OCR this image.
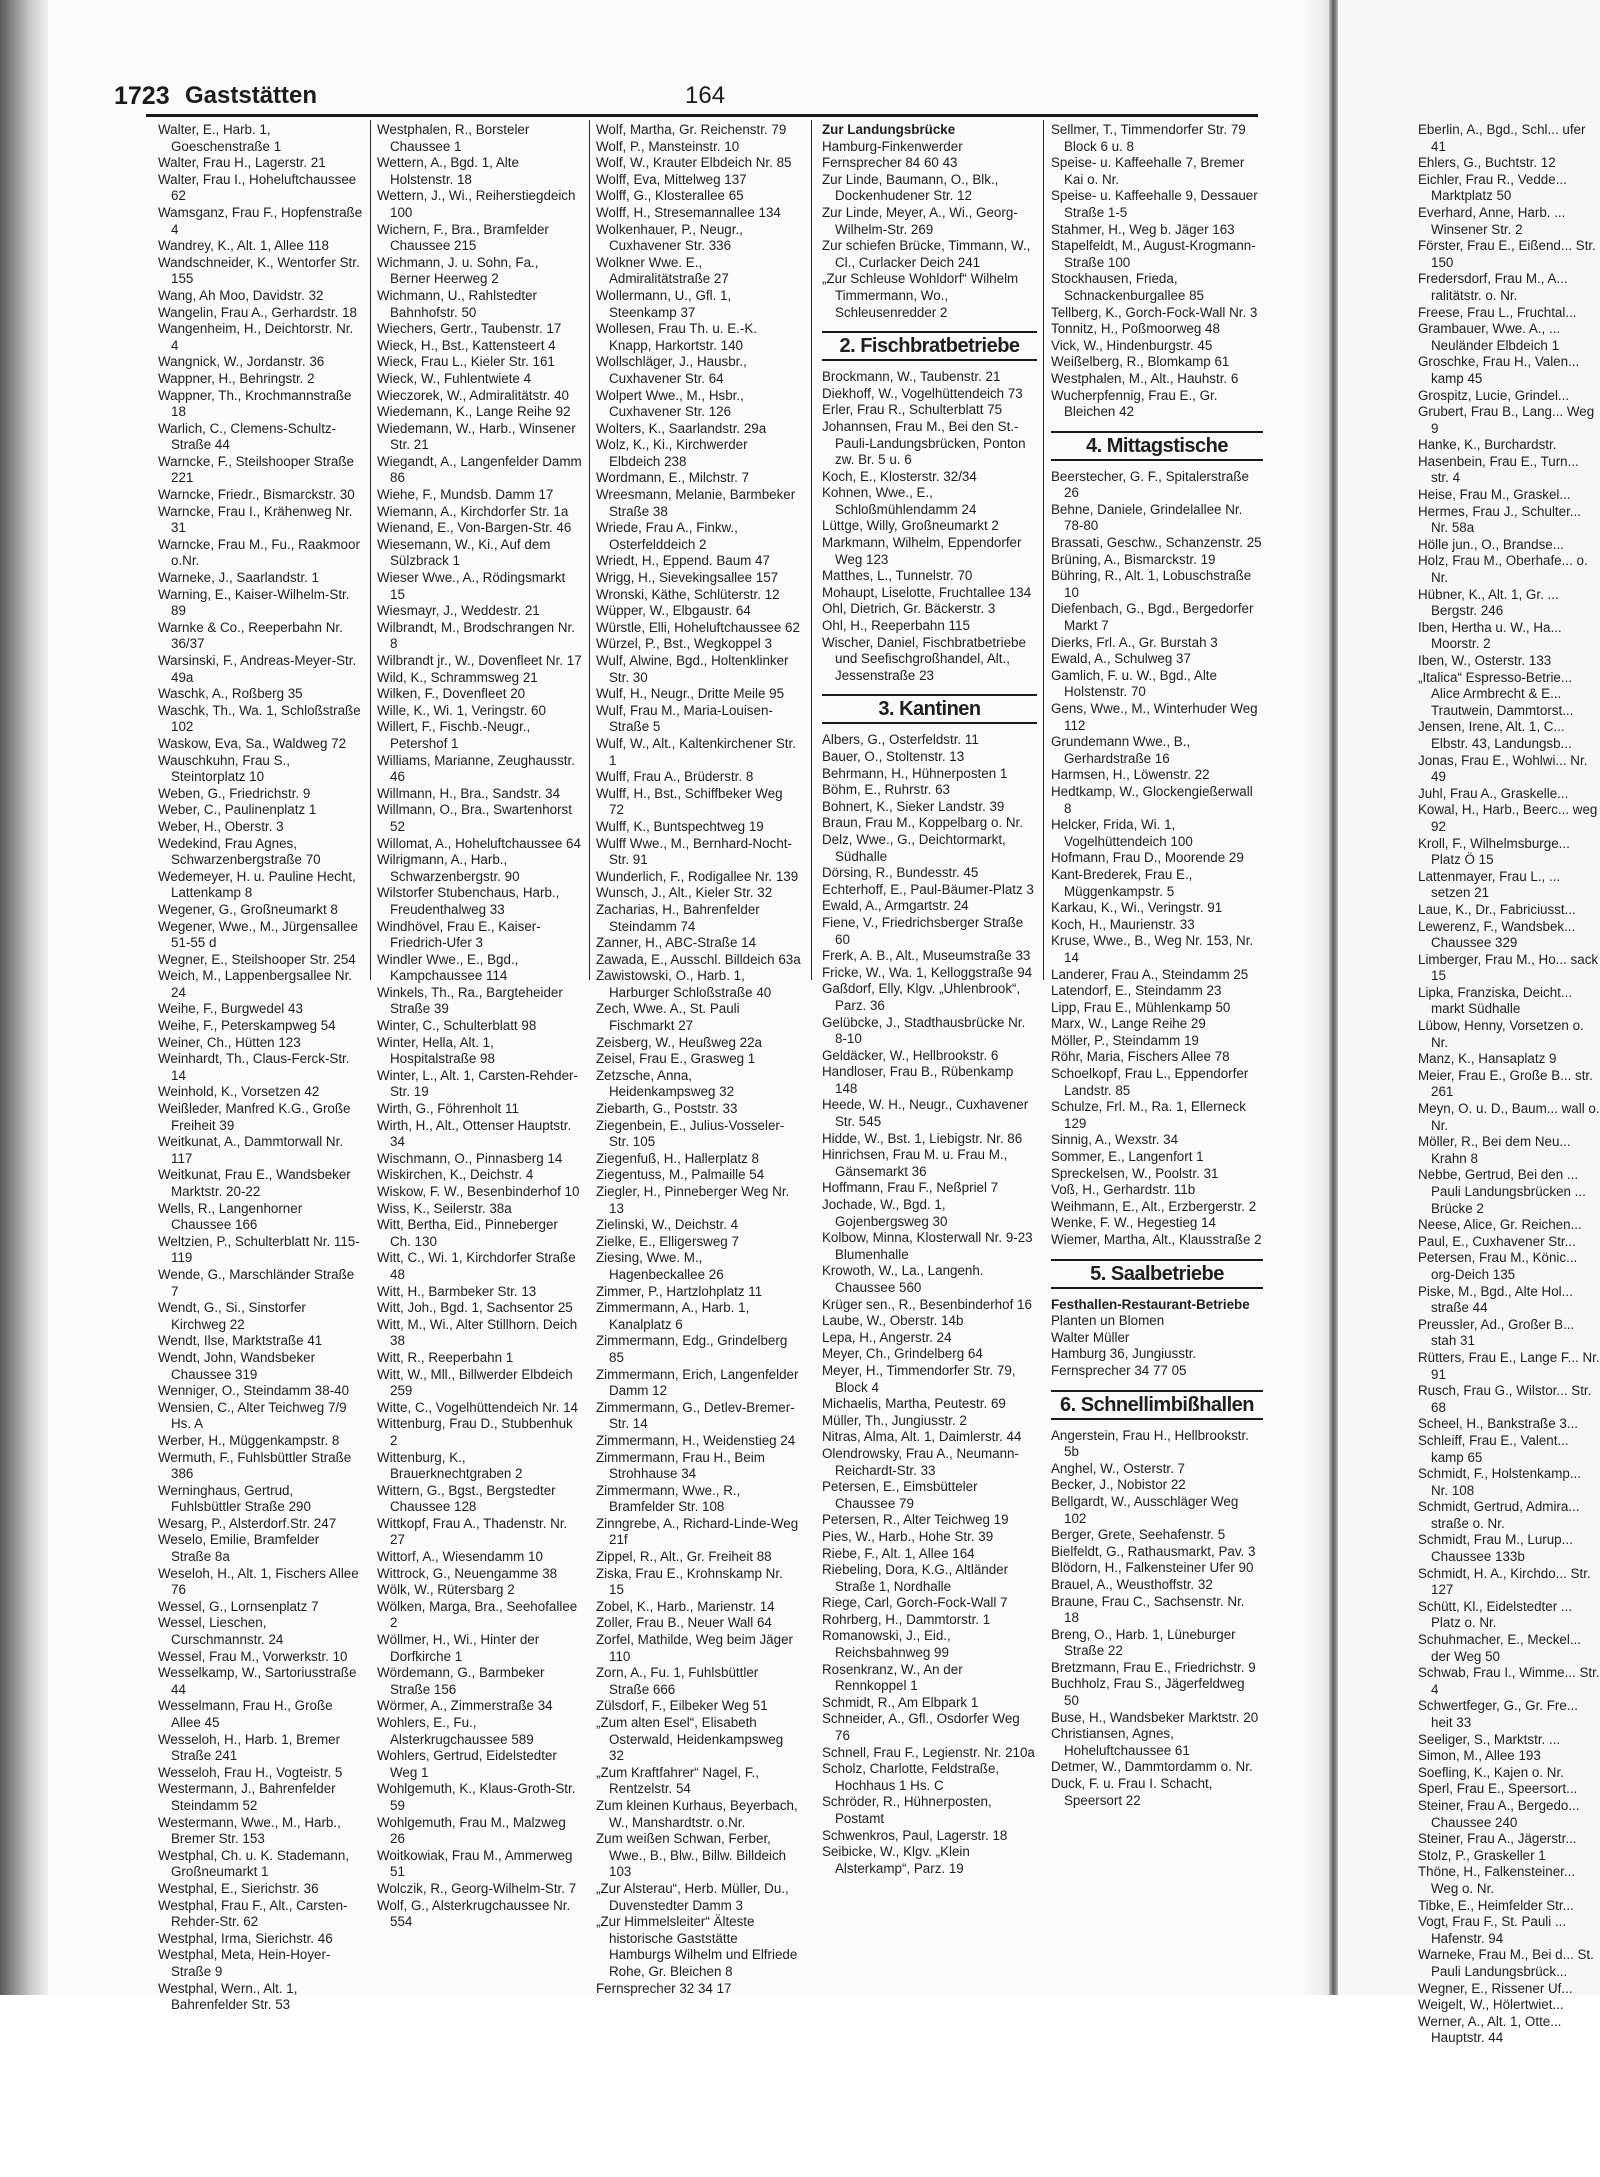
1723 Gaststätten	164
Walter, E., Harb. 1, Goeschenstraße 1
Walter, Frau H., Lagerstr. 21
Walter, Frau I., Hoheluftchaussee 62
Wamsganz, Frau F., Hopfenstraße 4
Wandrey, K., Alt. 1, Allee 118
Wandschneider, K., Wentorfer Str. 155
Wang, Ah Moo, Davidstr. 32
Wangelin, Frau A., Gerhardstr. 18
Wangenheim, H., Deichtorstr. Nr. 4
Wangnick, W., Jordanstr. 36
Wappner, H., Behringstr. 2
Wappner, Th., Krochmannstraße 18
Warlich, C., Clemens-Schultz-Straße 44
Warncke, F., Steilshooper Straße 221
Warncke, Friedr., Bismarckstr. 30
Warncke, Frau I., Krähenweg Nr. 31
Warncke, Frau M., Fu., Raakmoor o.Nr.
Warneke, J., Saarlandstr. 1
Warning, E., Kaiser-Wilhelm-Str. 89
Warnke & Co., Reeperbahn Nr. 36/37
Warsinski, F., Andreas-Meyer-Str. 49a
Waschk, A., Roßberg 35
Waschk, Th., Wa. 1, Schloßstraße 102
Waskow, Eva, Sa., Waldweg 72
Wauschkuhn, Frau S., Steintorplatz 10
Weben, G., Friedrichstr. 9
Weber, C., Paulinenplatz 1
Weber, H., Oberstr. 3
Wedekind, Frau Agnes, Schwarzenbergstraße 70
Wedemeyer, H. u. Pauline Hecht, Lattenkamp 8
Wegener, G., Großneumarkt 8
Wegener, Wwe., M., Jürgensallee 51-55 d
Wegner, E., Steilshooper Str. 254
Weich, M., Lappenbergsallee Nr. 24
Weihe, F., Burgwedel 43
Weihe, F., Peterskampweg 54
Weiner, Ch., Hütten 123
Weinhardt, Th., Claus-Ferck-Str. 14
Weinhold, K., Vorsetzen 42
Weißleder, Manfred K.G., Große Freiheit 39
Weitkunat, A., Dammtorwall Nr. 117
Weitkunat, Frau E., Wandsbeker Marktstr. 20-22
Wells, R., Langenhorner Chaussee 166
Weltzien, P., Schulterblatt Nr. 115-119
Wende, G., Marschländer Straße 7
Wendt, G., Si., Sinstorfer Kirchweg 22
Wendt, Ilse, Marktstraße 41
Wendt, John, Wandsbeker Chaussee 319
Wenniger, O., Steindamm 38-40
Wensien, C., Alter Teichweg 7/9 Hs. A
Werber, H., Müggenkampstr. 8
Wermuth, F., Fuhlsbüttler Straße 386
Werninghaus, Gertrud, Fuhlsbüttler Straße 290
Wesarg, P., Alsterdorf.Str. 247
Weselo, Emilie, Bramfelder Straße 8a
Weseloh, H., Alt. 1, Fischers Allee 76
Wessel, G., Lornsenplatz 7
Wessel, Lieschen, Curschmannstr. 24
Wessel, Frau M., Vorwerkstr. 10
Wesselkamp, W., Sartoriusstraße 44
Wesselmann, Frau H., Große Allee 45
Wesseloh, H., Harb. 1, Bremer Straße 241
Wesseloh, Frau H., Vogteistr. 5
Westermann, J., Bahrenfelder Steindamm 52
Westermann, Wwe., M., Harb., Bremer Str. 153
Westphal, Ch. u. K. Stademann, Großneumarkt 1
Westphal, E., Sierichstr. 36
Westphal, Frau F., Alt., Carsten-Rehder-Str. 62
Westphal, Irma, Sierichstr. 46
Westphal, Meta, Hein-Hoyer-Straße 9
Westphal, Wern., Alt. 1, Bahrenfelder Str. 53
Westphalen, R., Borsteler Chaussee 1
Wettern, A., Bgd. 1, Alte Holstenstr. 18
Wettern, J., Wi., Reiherstiegdeich 100
Wichern, F., Bra., Bramfelder Chaussee 215
Wichmann, J. u. Sohn, Fa., Berner Heerweg 2
Wichmann, U., Rahlstedter Bahnhofstr. 50
Wiechers, Gertr., Taubenstr. 17
Wieck, H., Bst., Kattensteert 4
Wieck, Frau L., Kieler Str. 161
Wieck, W., Fuhlentwiete 4
Wieczorek, W., Admiralitätstr. 40
Wiedemann, K., Lange Reihe 92
Wiedemann, W., Harb., Winsener Str. 21
Wiegandt, A., Langenfelder Damm 86
Wiehe, F., Mundsb. Damm 17
Wiemann, A., Kirchdorfer Str. 1a
Wienand, E., Von-Bargen-Str. 46
Wiesemann, W., Ki., Auf dem Sülzbrack 1
Wieser Wwe., A., Rödingsmarkt 15
Wiesmayr, J., Weddestr. 21
Wilbrandt, M., Brodschrangen Nr. 8
Wilbrandt jr., W., Dovenfleet Nr. 17
Wild, K., Schrammsweg 21
Wilken, F., Dovenfleet 20
Wille, K., Wi. 1, Veringstr. 60
Willert, F., Fischb.-Neugr., Petershof 1
Williams, Marianne, Zeughausstr. 46
Willmann, H., Bra., Sandstr. 34
Willmann, O., Bra., Swartenhorst 52
Willomat, A., Hoheluftchaussee 64
Wilrigmann, A., Harb., Schwarzenbergstr. 90
Wilstorfer Stubenchaus, Harb., Freudenthalweg 33
Windhövel, Frau E., Kaiser-Friedrich-Ufer 3
Windler Wwe., E., Bgd., Kampchaussee 114
Winkels, Th., Ra., Bargteheider Straße 39
Winter, C., Schulterblatt 98
Winter, Hella, Alt. 1, Hospitalstraße 98
Winter, L., Alt. 1, Carsten-Rehder-Str. 19
Wirth, G., Föhrenholt 11
Wirth, H., Alt., Ottenser Hauptstr. 34
Wischmann, O., Pinnasberg 14
Wiskirchen, K., Deichstr. 4
Wiskow, F. W., Besenbinderhof 10
Wiss, K., Seilerstr. 38a
Witt, Bertha, Eid., Pinneberger Ch. 130
Witt, C., Wi. 1, Kirchdorfer Straße 48
Witt, H., Barmbeker Str. 13
Witt, Joh., Bgd. 1, Sachsentor 25
Witt, M., Wi., Alter Stillhorn. Deich 38
Witt, R., Reeperbahn 1
Witt, W., Mll., Billwerder Elbdeich 259
Witte, C., Vogelhüttendeich Nr. 14
Wittenburg, Frau D., Stubbenhuk 2
Wittenburg, K., Brauerknechtgraben 2
Wittern, G., Bgst., Bergstedter Chaussee 128
Wittkopf, Frau A., Thadenstr. Nr. 27
Wittorf, A., Wiesendamm 10
Wittrock, G., Neuengamme 38
Wölk, W., Rütersbarg 2
Wölken, Marga, Bra., Seehofallee 2
Wöllmer, H., Wi., Hinter der Dorfkirche 1
Wördemann, G., Barmbeker Straße 156
Wörmer, A., Zimmerstraße 34
Wohlers, E., Fu., Alsterkrugchaussee 589
Wohlers, Gertrud, Eidelstedter Weg 1
Wohlgemuth, K., Klaus-Groth-Str. 59
Wohlgemuth, Frau M., Malzweg 26
Woitkowiak, Frau M., Ammerweg 51
Wolczik, R., Georg-Wilhelm-Str. 7
Wolf, G., Alsterkrugchaussee Nr. 554
Wolf, Martha, Gr. Reichenstr. 79
Wolf, P., Mansteinstr. 10
Wolf, W., Krauter Elbdeich Nr. 85
Wolff, Eva, Mittelweg 137
Wolff, G., Klosterallee 65
Wolff, H., Stresemannallee 134
Wolkenhauer, P., Neugr., Cuxhavener Str. 336
Wolkner Wwe. E., Admiralitätstraße 27
Wollermann, U., Gfl. 1, Steenkamp 37
Wollesen, Frau Th. u. E.-K. Knapp, Harkortstr. 140
Wollschläger, J., Hausbr., Cuxhavener Str. 64
Wolpert Wwe., M., Hsbr., Cuxhavener Str. 126
Wolters, K., Saarlandstr. 29a
Wolz, K., Ki., Kirchwerder Elbdeich 238
Wordmann, E., Milchstr. 7
Wreesmann, Melanie, Barmbeker Straße 38
Wriede, Frau A., Finkw., Osterfelddeich 2
Wriedt, H., Eppend. Baum 47
Wrigg, H., Sievekingsallee 157
Wronski, Käthe, Schlüterstr. 12
Wüpper, W., Elbgaustr. 64
Würstle, Elli, Hoheluftchaussee 62
Würzel, P., Bst., Wegkoppel 3
Wulf, Alwine, Bgd., Holtenklinker Str. 30
Wulf, H., Neugr., Dritte Meile 95
Wulf, Frau M., Maria-Louisen-Straße 5
Wulf, W., Alt., Kaltenkirchener Str. 1
Wulff, Frau A., Brüderstr. 8
Wulff, H., Bst., Schiffbeker Weg 72
Wulff, K., Buntspechtweg 19
Wulff Wwe., M., Bernhard-Nocht-Str. 91
Wunderlich, F., Rodigallee Nr. 139
Wunsch, J., Alt., Kieler Str. 32
Zacharias, H., Bahrenfelder Steindamm 74
Zanner, H., ABC-Straße 14
Zawada, E., Ausschl. Billdeich 63a
Zawistowski, O., Harb. 1, Harburger Schloßstraße 40
Zech, Wwe. A., St. Pauli Fischmarkt 27
Zeisberg, W., Heußweg 22a
Zeisel, Frau E., Grasweg 1
Zetzsche, Anna, Heidenkampsweg 32
Ziebarth, G., Poststr. 33
Ziegenbein, E., Julius-Vosseler-Str. 105
Ziegenfuß, H., Hallerplatz 8
Ziegentuss, M., Palmaille 54
Ziegler, H., Pinneberger Weg Nr. 13
Zielinski, W., Deichstr. 4
Zielke, E., Elligersweg 7
Ziesing, Wwe. M., Hagenbeckallee 26
Zimmer, P., Hartzlohplatz 11
Zimmermann, A., Harb. 1, Kanalplatz 6
Zimmermann, Edg., Grindelberg 85
Zimmermann, Erich, Langenfelder Damm 12
Zimmermann, G., Detlev-Bremer-Str. 14
Zimmermann, H., Weidenstieg 24
Zimmermann, Frau H., Beim Strohhause 34
Zimmermann, Wwe., R., Bramfelder Str. 108
Zinngrebe, A., Richard-Linde-Weg 21f
Zippel, R., Alt., Gr. Freiheit 88
Ziska, Frau E., Krohnskamp Nr. 15
Zobel, K., Harb., Marienstr. 14
Zoller, Frau B., Neuer Wall 64
Zorfel, Mathilde, Weg beim Jäger 110
Zorn, A., Fu. 1, Fuhlsbüttler Straße 666
Zülsdorf, F., Eilbeker Weg 51
„Zum alten Esel“, Elisabeth Osterwald, Heidenkampsweg 32
„Zum Kraftfahrer“ Nagel, F., Rentzelstr. 54
Zum kleinen Kurhaus, Beyerbach, W., Manshardtstr. o.Nr.
Zum weißen Schwan, Ferber, Wwe., B., Blw., Billw. Billdeich 103
„Zur Alsterau“, Herb. Müller, Du., Duvenstedter Damm 3
„Zur Himmelsleiter“ Älteste historische Gaststätte Hamburgs Wilhelm und Elfriede Rohe, Gr. Bleichen 8
Fernsprecher 32 34 17
Zur Landungsbrücke
Hamburg-Finkenwerder
Fernsprecher 84 60 43
Zur Linde, Baumann, O., Blk., Dockenhudener Str. 12
Zur Linde, Meyer, A., Wi., Georg-Wilhelm-Str. 269
Zur schiefen Brücke, Timmann, W., Cl., Curlacker Deich 241
„Zur Schleuse Wohldorf“ Wilhelm Timmermann, Wo., Schleusenredder 2
2. Fischbratbetriebe
Brockmann, W., Taubenstr. 21
Diekhoff, W., Vogelhüttendeich 73
Erler, Frau R., Schulterblatt 75
Johannsen, Frau M., Bei den St.-Pauli-Landungsbrücken, Ponton zw. Br. 5 u. 6
Koch, E., Klosterstr. 32/34
Kohnen, Wwe., E., Schloßmühlendamm 24
Lüttge, Willy, Großneumarkt 2
Markmann, Wilhelm, Eppendorfer Weg 123
Matthes, L., Tunnelstr. 70
Mohaupt, Liselotte, Fruchtallee 134
Ohl, Dietrich, Gr. Bäckerstr. 3
Ohl, H., Reeperbahn 115
Wischer, Daniel, Fischbratbetriebe und Seefischgroßhandel, Alt., Jessenstraße 23
3. Kantinen
Albers, G., Osterfeldstr. 11
Bauer, O., Stoltenstr. 13
Behrmann, H., Hühnerposten 1
Böhm, E., Ruhrstr. 63
Bohnert, K., Sieker Landstr. 39
Braun, Frau M., Koppelbarg o. Nr.
Delz, Wwe., G., Deichtormarkt, Südhalle
Dörsing, R., Bundesstr. 45
Echterhoff, E., Paul-Bäumer-Platz 3
Ewald, A., Armgartstr. 24
Fiene, V., Friedrichsberger Straße 60
Frerk, A. B., Alt., Museumstraße 33
Fricke, W., Wa. 1, Kelloggstraße 94
Gaßdorf, Elly, Klgv. „Uhlenbrook“, Parz. 36
Gelübcke, J., Stadthausbrücke Nr. 8-10
Geldäcker, W., Hellbrookstr. 6
Handloser, Frau B., Rübenkamp 148
Heede, W. H., Neugr., Cuxhavener Str. 545
Hidde, W., Bst. 1, Liebigstr. Nr. 86
Hinrichsen, Frau M. u. Frau M., Gänsemarkt 36
Hoffmann, Frau F., Neßpriel 7
Jochade, W., Bgd. 1, Gojenbergsweg 30
Kolbow, Minna, Klosterwall Nr. 9-23 Blumenhalle
Krowoth, W., La., Langenh. Chaussee 560
Krüger sen., R., Besenbinderhof 16
Laube, W., Oberstr. 14b
Lepa, H., Angerstr. 24
Meyer, Ch., Grindelberg 64
Meyer, H., Timmendorfer Str. 79, Block 4
Michaelis, Martha, Peutestr. 69
Müller, Th., Jungiusstr. 2
Nitras, Alma, Alt. 1, Daimlerstr. 44
Olendrowsky, Frau A., Neumann-Reichardt-Str. 33
Petersen, E., Eimsbütteler Chaussee 79
Petersen, R., Alter Teichweg 19
Pies, W., Harb., Hohe Str. 39
Riebe, F., Alt. 1, Allee 164
Riebeling, Dora, K.G., Altländer Straße 1, Nordhalle
Riege, Carl, Gorch-Fock-Wall 7
Rohrberg, H., Dammtorstr. 1
Romanowski, J., Eid., Reichsbahnweg 99
Rosenkranz, W., An der Rennkoppel 1
Schmidt, R., Am Elbpark 1
Schneider, A., Gfl., Osdorfer Weg 76
Schnell, Frau F., Legienstr. Nr. 210a
Scholz, Charlotte, Feldstraße, Hochhaus 1 Hs. C
Schröder, R., Hühnerposten, Postamt
Schwenkros, Paul, Lagerstr. 18
Seibicke, W., Klgv. „Klein Alsterkamp“, Parz. 19
Sellmer, T., Timmendorfer Str. 79 Block 6 u. 8
Speise- u. Kaffeehalle 7, Bremer Kai o. Nr.
Speise- u. Kaffeehalle 9, Dessauer Straße 1-5
Stahmer, H., Weg b. Jäger 163
Stapelfeldt, M., August-Krogmann-Straße 100
Stockhausen, Frieda, Schnackenburgallee 85
Tellberg, K., Gorch-Fock-Wall Nr. 3
Tonnitz, H., Poßmoorweg 48
Vick, W., Hindenburgstr. 45
Weißelberg, R., Blomkamp 61
Westphalen, M., Alt., Hauhstr. 6
Wucherpfennig, Frau E., Gr. Bleichen 42
4. Mittagstische
Beerstecher, G. F., Spitalerstraße 26
Behne, Daniele, Grindelallee Nr. 78-80
Brassati, Geschw., Schanzenstr. 25
Brüning, A., Bismarckstr. 19
Bühring, R., Alt. 1, Lobuschstraße 10
Diefenbach, G., Bgd., Bergedorfer Markt 7
Dierks, Frl. A., Gr. Burstah 3
Ewald, A., Schulweg 37
Gamlich, F. u. W., Bgd., Alte Holstenstr. 70
Gens, Wwe., M., Winterhuder Weg 112
Grundemann Wwe., B., Gerhardstraße 16
Harmsen, H., Löwenstr. 22
Hedtkamp, W., Glockengießerwall 8
Helcker, Frida, Wi. 1, Vogelhüttendeich 100
Hofmann, Frau D., Moorende 29
Kant-Brederek, Frau E., Müggenkampstr. 5
Karkau, K., Wi., Veringstr. 91
Koch, H., Maurienstr. 33
Kruse, Wwe., B., Weg Nr. 153, Nr. 14
Landerer, Frau A., Steindamm 25
Latendorf, E., Steindamm 23
Lipp, Frau E., Mühlenkamp 50
Marx, W., Lange Reihe 29
Möller, P., Steindamm 19
Röhr, Maria, Fischers Allee 78
Schoelkopf, Frau L., Eppendorfer Landstr. 85
Schulze, Frl. M., Ra. 1, Ellerneck 129
Sinnig, A., Wexstr. 34
Sommer, E., Langenfort 1
Spreckelsen, W., Poolstr. 31
Voß, H., Gerhardstr. 11b
Weihmann, E., Alt., Erzbergerstr. 2
Wenke, F. W., Hegestieg 14
Wiemer, Martha, Alt., Klausstraße 2
5. Saalbetriebe
Festhallen-Restaurant-Betriebe
Planten un Blomen
Walter Müller
Hamburg 36, Jungiusstr.
Fernsprecher 34 77 05
6. Schnellimbißhallen
Angerstein, Frau H., Hellbrookstr. 5b
Anghel, W., Osterstr. 7
Becker, J., Nobistor 22
Bellgardt, W., Ausschläger Weg 102
Berger, Grete, Seehafenstr. 5
Bielfeldt, G., Rathausmarkt, Pav. 3
Blödorn, H., Falkensteiner Ufer 90
Brauel, A., Weusthoffstr. 32
Braune, Frau C., Sachsenstr. Nr. 18
Breng, O., Harb. 1, Lüneburger Straße 22
Bretzmann, Frau E., Friedrichstr. 9
Buchholz, Frau S., Jägerfeldweg 50
Buse, H., Wandsbeker Marktstr. 20
Christiansen, Agnes, Hoheluftchaussee 61
Detmer, W., Dammtordamm o. Nr.
Duck, F. u. Frau I. Schacht, Speersort 22
Eberlin, A., Bgd., Schl... ufer 41
Ehlers, G., Buchtstr. 12
Eichler, Frau R., Vedde... Marktplatz 50
Everhard, Anne, Harb. ... Winsener Str. 2
Förster, Frau E., Eißend... Str. 150
Fredersdorf, Frau M., A... ralitätstr. o. Nr.
Freese, Frau L., Fruchtal...
Grambauer, Wwe. A., ... Neuländer Elbdeich 1
Groschke, Frau H., Valen... kamp 45
Grospitz, Lucie, Grindel...
Grubert, Frau B., Lang... Weg 9
Hanke, K., Burchardstr.
Hasenbein, Frau E., Turn... str. 4
Heise, Frau M., Graskel...
Hermes, Frau J., Schulter... Nr. 58a
Hölle jun., O., Brandse...
Holz, Frau M., Oberhafe... o. Nr.
Hübner, K., Alt. 1, Gr. ... Bergstr. 246
Iben, Hertha u. W., Ha... Moorstr. 2
Iben, W., Osterstr. 133
„Italica“ Espresso-Betrie... Alice Armbrecht & E... Trautwein, Dammtorst...
Jensen, Irene, Alt. 1, C... Elbstr. 43, Landungsb...
Jonas, Frau E., Wohlwi... Nr. 49
Juhl, Frau A., Graskelle...
Kowal, H., Harb., Beerc... weg 92
Kroll, F., Wilhelmsburge... Platz Ö 15
Lattenmayer, Frau L., ... setzen 21
Laue, K., Dr., Fabriciusst...
Lewerenz, F., Wandsbek... Chaussee 329
Limberger, Frau M., Ho... sack 15
Lipka, Franziska, Deicht... markt Südhalle
Lübow, Henny, Vorsetzen o. Nr.
Manz, K., Hansaplatz 9
Meier, Frau E., Große B... str. 261
Meyn, O. u. D., Baum... wall o. Nr.
Möller, R., Bei dem Neu... Krahn 8
Nebbe, Gertrud, Bei den ... Pauli Landungsbrücken ... Brücke 2
Neese, Alice, Gr. Reichen...
Paul, E., Cuxhavener Str...
Petersen, Frau M., Könic... org-Deich 135
Piske, M., Bgd., Alte Hol... straße 44
Preussler, Ad., Großer B... stah 31
Rütters, Frau E., Lange F... Nr. 91
Rusch, Frau G., Wilstor... Str. 68
Scheel, H., Bankstraße 3...
Schleiff, Frau E., Valent... kamp 65
Schmidt, F., Holstenkamp... Nr. 108
Schmidt, Gertrud, Admira... straße o. Nr.
Schmidt, Frau M., Lurup... Chaussee 133b
Schmidt, H. A., Kirchdo... Str. 127
Schütt, Kl., Eidelstedter ... Platz o. Nr.
Schuhmacher, E., Meckel... der Weg 50
Schwab, Frau I., Wimme... Str. 4
Schwertfeger, G., Gr. Fre... heit 33
Seeliger, S., Marktstr. ...
Simon, M., Allee 193
Soefling, K., Kajen o. Nr.
Sperl, Frau E., Speersort...
Steiner, Frau A., Bergedo... Chaussee 240
Steiner, Frau A., Jägerstr...
Stolz, P., Graskeller 1
Thöne, H., Falkensteiner... Weg o. Nr.
Tibke, E., Heimfelder Str...
Vogt, Frau F., St. Pauli ... Hafenstr. 94
Warneke, Frau M., Bei d... St. Pauli Landungsbrück...
Wegner, E., Rissener Uf...
Weigelt, W., Hölertwiet...
Werner, A., Alt. 1, Otte... Hauptstr. 44
